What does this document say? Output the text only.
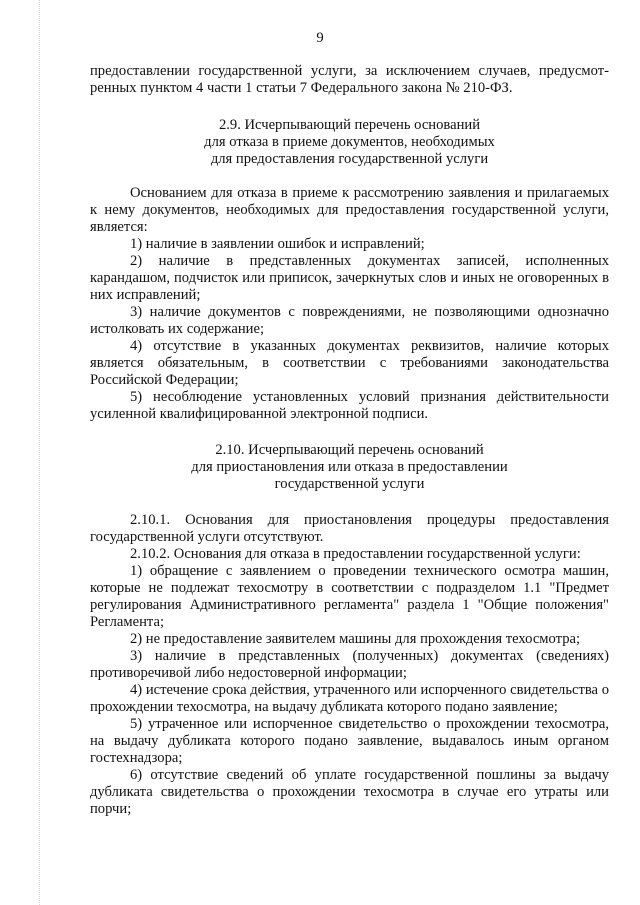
9

предоставлении государственной услуги, за исключением случаев, предусмот-

ренных пунктом 4 части 1 статьи 7 Федерального закона № 210-ФЗ.

2.9. Исчерпывающий перечень оснований
для отказа в приеме документов, необходимых
для предоставления государственной услуги

Основанием для отказа в приеме к рассмотрению заявления и прилагаемых к нему документов, необходимых для предоставления государственной услуги, является:

1) наличие в заявлении ошибок и исправлений;

2) наличие в представленных документах записей, исполненных карандашом, подчисток или приписок, зачеркнутых слов и иных не оговоренных в них исправлений;

3) наличие документов с повреждениями, не позволяющими однозначно истолковать их содержание;

4) отсутствие в указанных документах реквизитов, наличие которых является обязательным, в соответствии с требованиями законодательства Российской Федерации;

5) несоблюдение установленных условий признания действительности усиленной квалифицированной электронной подписи.

2.10. Исчерпывающий перечень оснований
для приостановления или отказа в предоставлении
государственной услуги

2.10.1. Основания для приостановления процедуры предоставления государственной услуги отсутствуют.

2.10.2. Основания для отказа в предоставлении государственной услуги:

1) обращение с заявлением о проведении технического осмотра машин, которые не подлежат техосмотру в соответствии с подразделом 1.1 "Предмет регулирования Административного регламента" раздела 1 "Общие положения" Регламента;

2) не предоставление заявителем машины для прохождения техосмотра;

3) наличие в представленных (полученных) документах (сведениях) противоречивой либо недостоверной информации;

4) истечение срока действия, утраченного или испорченного свидетельства о прохождении техосмотра, на выдачу дубликата которого подано заявление;

5) утраченное или испорченное свидетельство о прохождении техосмотра, на выдачу дубликата которого подано заявление, выдавалось иным органом гостехнадзора;

6) отсутствие сведений об уплате государственной пошлины за выдачу дубликата свидетельства о прохождении техосмотра в случае его утраты или порчи;
